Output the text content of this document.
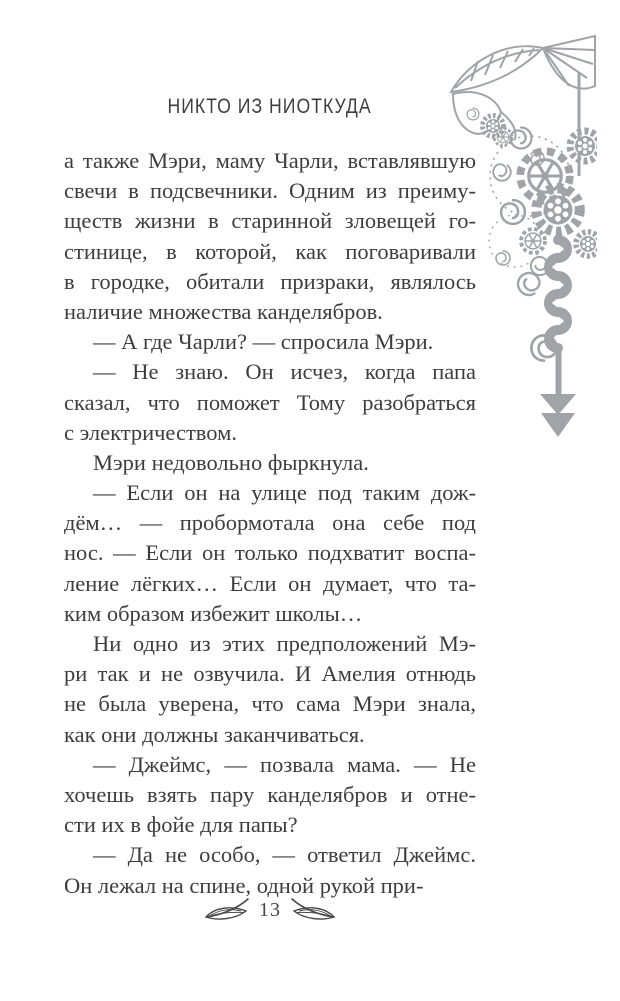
НИКТО ИЗ НИОТКУДА
а также Мэри, маму Чарли, вставлявшую
свечи в подсвечники. Одним из преиму-
ществ жизни в старинной зловещей го-
стинице, в которой, как поговаривали
в городке, обитали призраки, являлось
наличие множества канделябров.
— А где Чарли? — спросила Мэри.
— Не знаю. Он исчез, когда папа
сказал, что поможет Тому разобраться
с электричеством.
Мэри недовольно фыркнула.
— Если он на улице под таким дож-
дём… — пробормотала она себе под
нос. — Если он только подхватит воспа-
ление лёгких… Если он думает, что та-
ким образом избежит школы…
Ни одно из этих предположений Мэ-
ри так и не озвучила. И Амелия отнюдь
не была уверена, что сама Мэри знала,
как они должны заканчиваться.
— Джеймс, — позвала мама. — Не
хочешь взять пару канделябров и отне-
сти их в фойе для папы?
— Да не особо, — ответил Джеймс.
Он лежал на спине, одной рукой при-
13
